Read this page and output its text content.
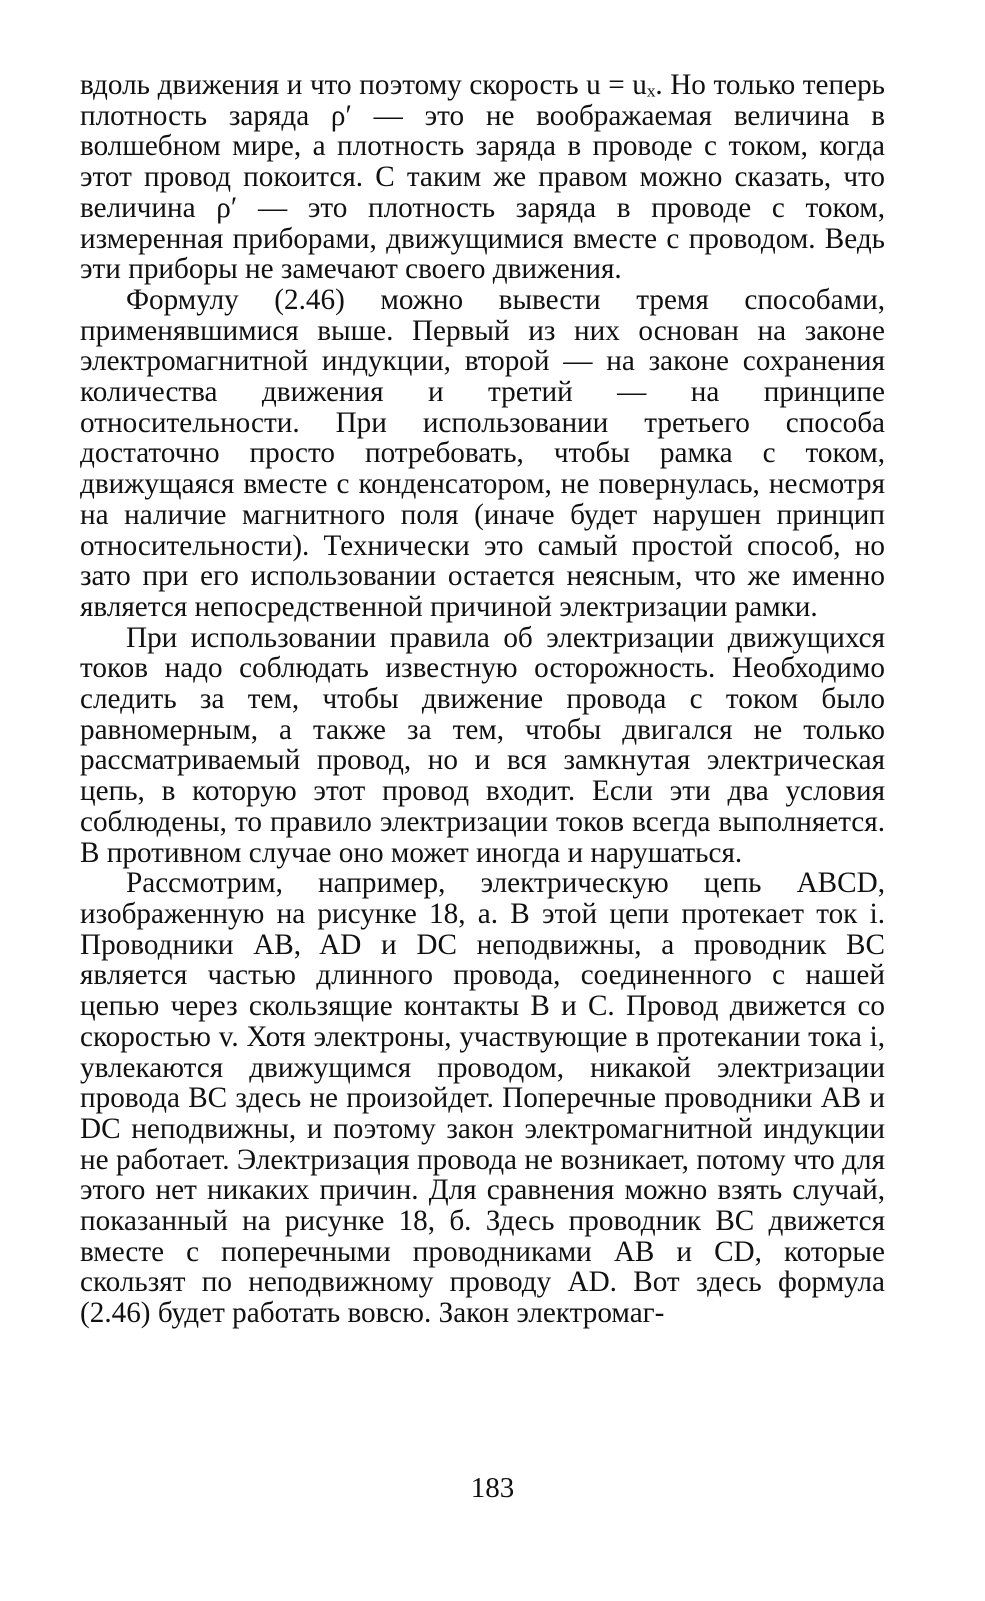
вдоль движения и что поэтому скорость u = uₓ. Но только теперь плотность заряда ρ′ — это не воображаемая величина в волшебном мире, а плотность заряда в проводе с током, когда этот провод покоится. С таким же правом можно сказать, что величина ρ′ — это плотность заряда в проводе с током, измеренная приборами, движущимися вместе с проводом. Ведь эти приборы не замечают своего движения.

Формулу (2.46) можно вывести тремя способами, применявшимися выше. Первый из них основан на законе электромагнитной индукции, второй — на законе сохранения количества движения и третий — на принципе относительности. При использовании третьего способа достаточно просто потребовать, чтобы рамка с током, движущаяся вместе с конденсатором, не повернулась, несмотря на наличие магнитного поля (иначе будет нарушен принцип относительности). Технически это самый простой способ, но зато при его использовании остается неясным, что же именно является непосредственной причиной электризации рамки.

При использовании правила об электризации движущихся токов надо соблюдать известную осторожность. Необходимо следить за тем, чтобы движение провода с током было равномерным, а также за тем, чтобы двигался не только рассматриваемый провод, но и вся замкнутая электрическая цепь, в которую этот провод входит. Если эти два условия соблюдены, то правило электризации токов всегда выполняется. В противном случае оно может иногда и нарушаться.

Рассмотрим, например, электрическую цепь ABCD, изображенную на рисунке 18, а. В этой цепи протекает ток i. Проводники AB, AD и DC неподвижны, а проводник BC является частью длинного провода, соединенного с нашей цепью через скользящие контакты B и C. Провод движется со скоростью v. Хотя электроны, участвующие в протекании тока i, увлекаются движущимся проводом, никакой электризации провода BC здесь не произойдет. Поперечные проводники AB и DC неподвижны, и поэтому закон электромагнитной индукции не работает. Электризация провода не возникает, потому что для этого нет никаких причин. Для сравнения можно взять случай, показанный на рисунке 18, б. Здесь проводник BC движется вместе с поперечными проводниками AB и CD, которые скользят по неподвижному проводу AD. Вот здесь формула (2.46) будет работать вовсю. Закон электромаг-

183
